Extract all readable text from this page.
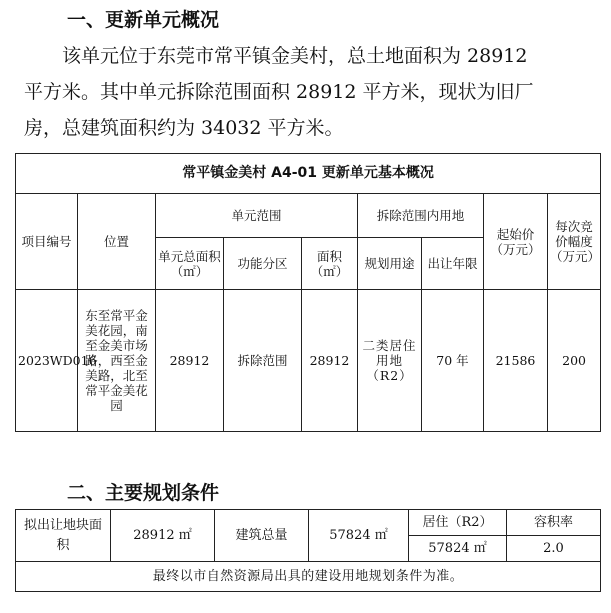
一、更新单元概况
该单元位于东莞市常平镇金美村，总土地面积为 28912
平方米。其中单元拆除范围面积 28912 平方米，现状为旧厂
房，总建筑面积约为 34032 平方米。
常平镇金美村 A4-01 更新单元基本概况								
项目编号	位置	单元范围			拆除范围内用地		起始价（万元）	每次竞价幅度（万元）
		单元总面积（㎡）	功能分区	面积（㎡）	规划用途	出让年限		
2023WD016	东至常平金美花园，南至金美市场路，西至金美路，北至常平金美花园	28912	拆除范围	28912	二类居住用地（R2）	70 年	21586	200
二、主要规划条件
拟出让地块面积	28912 ㎡	建筑总量	57824 ㎡	居住（R2）	容积率
				57824 ㎡	2.0
最终以市自然资源局出具的建设用地规划条件为准。					
